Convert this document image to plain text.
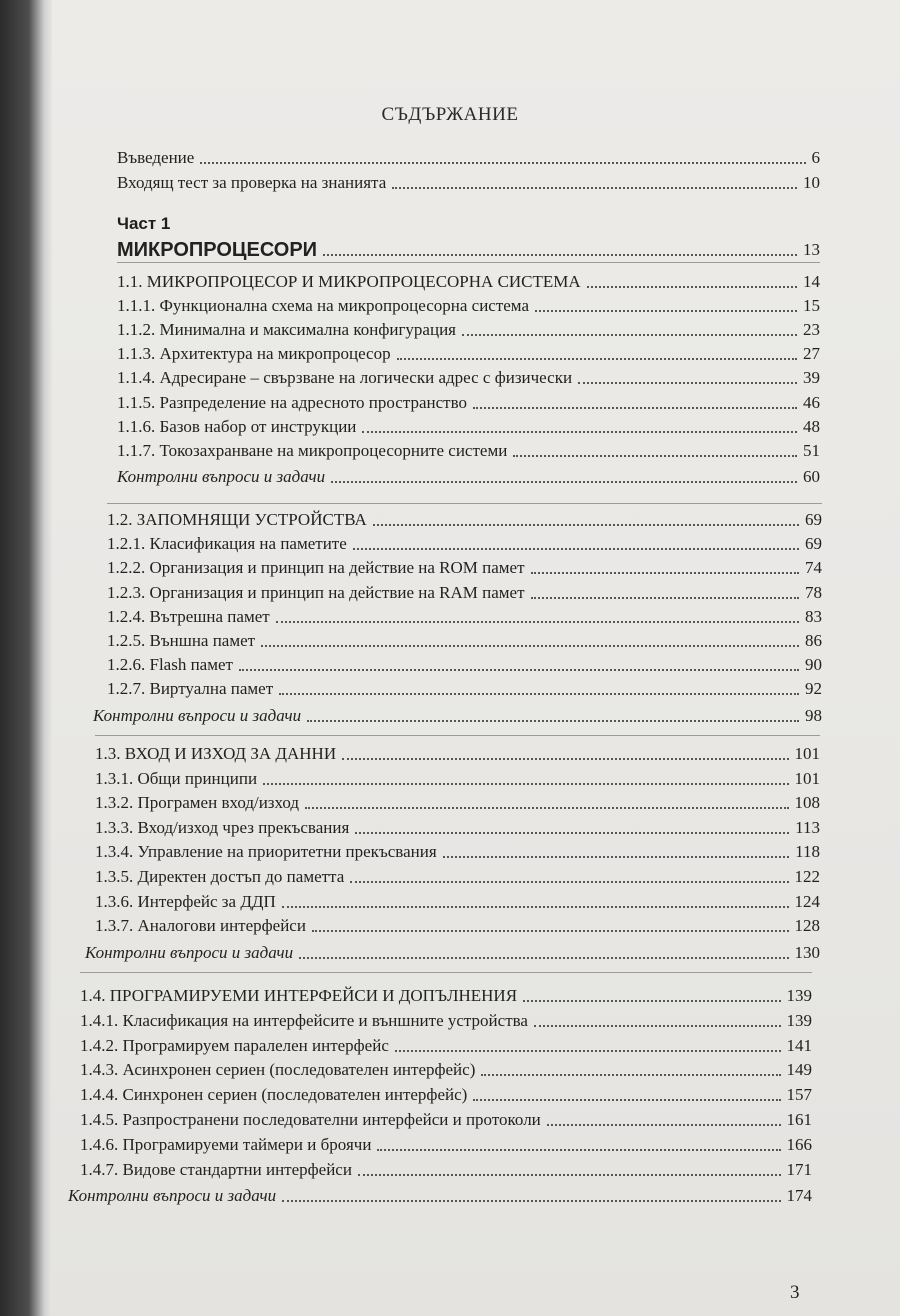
СЪДЪРЖАНИЕ
Въведение	6
Входящ тест за проверка на знанията	10
Част 1
МИКРОПРОЦЕСОРИ	13
1.1. МИКРОПРОЦЕСОР И МИКРОПРОЦЕСОРНА СИСТЕМА	14
1.1.1. Функционална схема на микропроцесорна система	15
1.1.2. Минимална и максимална конфигурация	23
1.1.3. Архитектура на микропроцесор	27
1.1.4. Адресиране – свързване на логически адрес с физически	39
1.1.5. Разпределение на адресното пространство	46
1.1.6. Базов набор от инструкции	48
1.1.7. Токозахранване на микропроцесорните системи	51
Контролни въпроси и задачи	60
1.2. ЗАПОМНЯЩИ УСТРОЙСТВА	69
1.2.1. Класификация на паметите	69
1.2.2. Организация и принцип на действие на ROM памет	74
1.2.3. Организация и принцип на действие на RAM памет	78
1.2.4. Вътрешна памет	83
1.2.5. Външна памет	86
1.2.6. Flash памет	90
1.2.7. Виртуална памет	92
Контролни въпроси и задачи	98
1.3. ВХОД И ИЗХОД ЗА ДАННИ	101
1.3.1. Общи принципи	101
1.3.2. Програмен вход/изход	108
1.3.3. Вход/изход чрез прекъсвания	113
1.3.4. Управление на приоритетни прекъсвания	118
1.3.5. Директен достъп до паметта	122
1.3.6. Интерфейс за ДДП	124
1.3.7. Аналогови интерфейси	128
Контролни въпроси и задачи	130
1.4. ПРОГРАМИРУЕМИ ИНТЕРФЕЙСИ И ДОПЪЛНЕНИЯ	139
1.4.1. Класификация на интерфейсите и външните устройства	139
1.4.2. Програмируем паралелен интерфейс	141
1.4.3. Асинхронен сериен (последователен интерфейс)	149
1.4.4. Синхронен сериен (последователен интерфейс)	157
1.4.5. Разпространени последователни интерфейси и протоколи	161
1.4.6. Програмируеми таймери и броячи	166
1.4.7. Видове стандартни интерфейси	171
Контролни въпроси и задачи	174
3
